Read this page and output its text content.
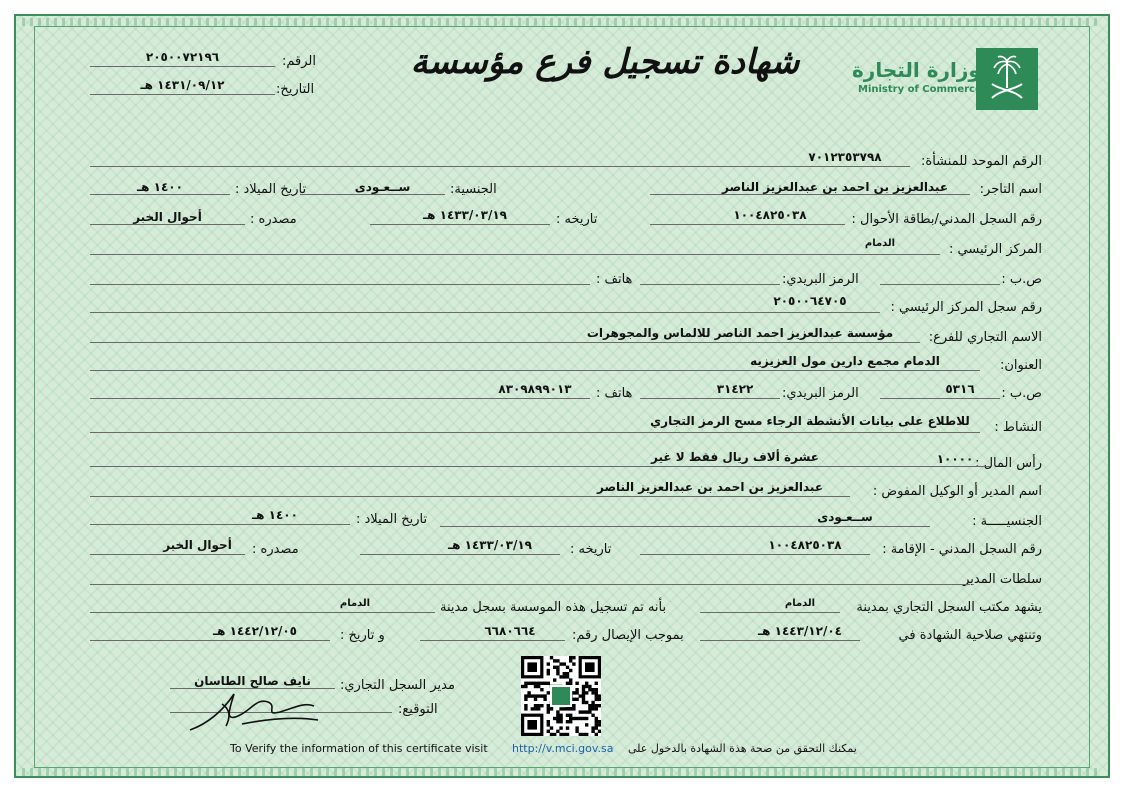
وزارة التجارة
Ministry of Commerce
شهادة تسجيل فرع مؤسسة
الرقم:
٢٠٥٠٠٧٢١٩٦
التاريخ:
١٤٣١/٠٩/١٢ هـ
الرقم الموحد للمنشأة:
٧٠١٢٣٥٣٧٩٨
اسم التاجر:
عبدالعزيز بن احمد بن عبدالعزيز الناصر
الجنسية:
ســعـودى
تاريخ الميلاد :
١٤٠٠ هـ
رقم السجل المدني/بطاقة الأحوال :
١٠٠٤٨٢٥٠٣٨
تاريخه :
١٤٣٣/٠٣/١٩ هـ
مصدره :
أحوال الخبر
المركز الرئيسي :
الدمام
ص.ب :
الرمز البريدي:
هاتف :
رقم سجل المركز الرئيسي :
٢٠٥٠٠٦٤٧٠٥
الاسم التجاري للفرع:
مؤسسة عبدالعزيز احمد الناصر للالماس والمجوهرات
العنوان:
الدمام مجمع دارين مول العزيزيه
ص.ب :
٥٣١٦
الرمز البريدي:
٣١٤٢٢
هاتف :
٨٣٠٩٨٩٩٠١٣
النشاط :
للاطلاع على بيانات الأنشطة الرجاء مسح الرمز التجاري
رأس المال :
١٠٠٠٠
عشرة ألاف ريال فقط لا غير
اسم المدير أو الوكيل المفوض :
عبدالعزيز بن احمد بن عبدالعزيز الناصر
الجنسيـــــة :
ســعـودى
تاريخ الميلاد :
١٤٠٠ هـ
رقم السجل المدني - الإقامة :
١٠٠٤٨٢٥٠٣٨
تاريخه :
١٤٣٣/٠٣/١٩ هـ
مصدره :
أحوال الخبر
سلطات المدير
يشهد مكتب السجل التجاري بمدينة
الدمام
بأنه تم تسجيل هذه الموسسة بسجل مدينة
الدمام
وتنتهي صلاحية الشهادة في
١٤٤٣/١٢/٠٤ هـ
بموجب الإيصال رقم:
٦٦٨٠٦٦٤
و تاريخ :
١٤٤٢/١٢/٠٥ هـ
مدير السجل التجاري:
نايف صالح الطاسان
التوقيع:
يمكنك التحقق من صحة هذة الشهادة بالدخول على
http://v.mci.gov.sa
To Verify the information of this certificate visit
